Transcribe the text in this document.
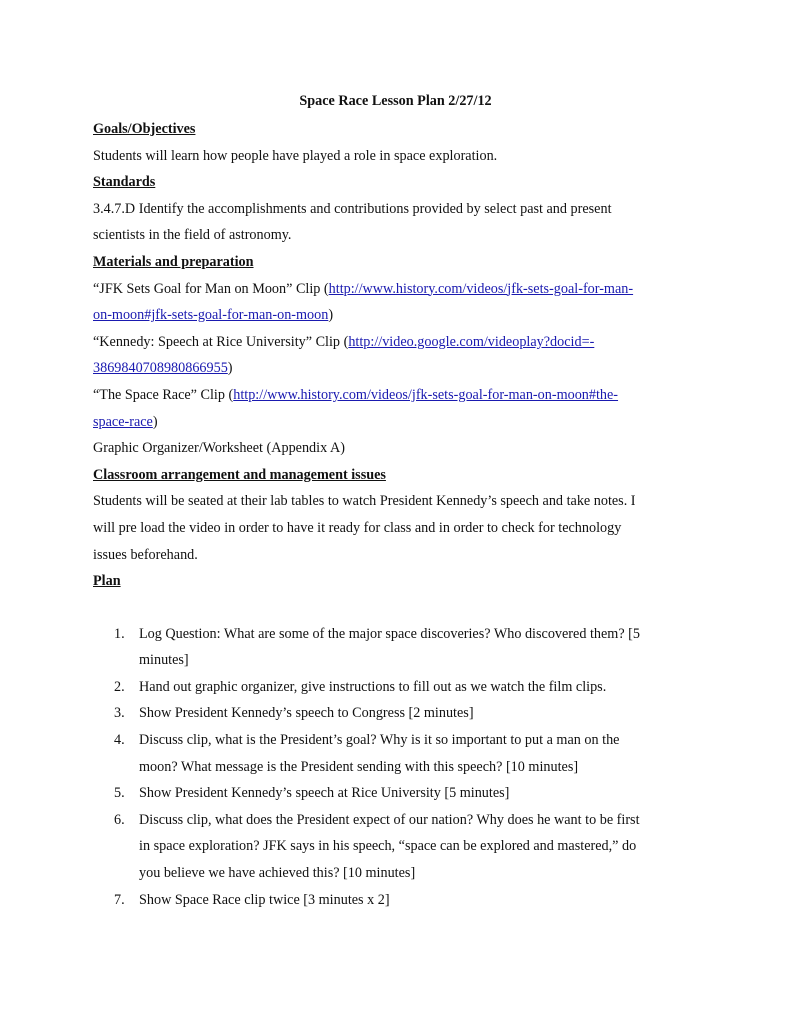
Space Race Lesson Plan 2/27/12
Goals/Objectives
Students will learn how people have played a role in space exploration.
Standards
3.4.7.D Identify the accomplishments and contributions provided by select past and present
scientists in the field of astronomy.
Materials and preparation
“JFK Sets Goal for Man on Moon” Clip (http://www.history.com/videos/jfk-sets-goal-for-man-
on-moon#jfk-sets-goal-for-man-on-moon)
“Kennedy: Speech at Rice University” Clip (http://video.google.com/videoplay?docid=-
3869840708980866955)
“The Space Race” Clip (http://www.history.com/videos/jfk-sets-goal-for-man-on-moon#the-
space-race)
Graphic Organizer/Worksheet (Appendix A)
Classroom arrangement and management issues
Students will be seated at their lab tables to watch President Kennedy’s speech and take notes. I
will pre load the video in order to have it ready for class and in order to check for technology
issues beforehand.
Plan
1. Log Question: What are some of the major space discoveries? Who discovered them? [5
minutes]
2. Hand out graphic organizer, give instructions to fill out as we watch the film clips.
3. Show President Kennedy’s speech to Congress [2 minutes]
4. Discuss clip, what is the President’s goal? Why is it so important to put a man on the
moon? What message is the President sending with this speech? [10 minutes]
5. Show President Kennedy’s speech at Rice University [5 minutes]
6. Discuss clip, what does the President expect of our nation? Why does he want to be first
in space exploration? JFK says in his speech, “space can be explored and mastered,” do
you believe we have achieved this? [10 minutes]
7. Show Space Race clip twice [3 minutes x 2]
